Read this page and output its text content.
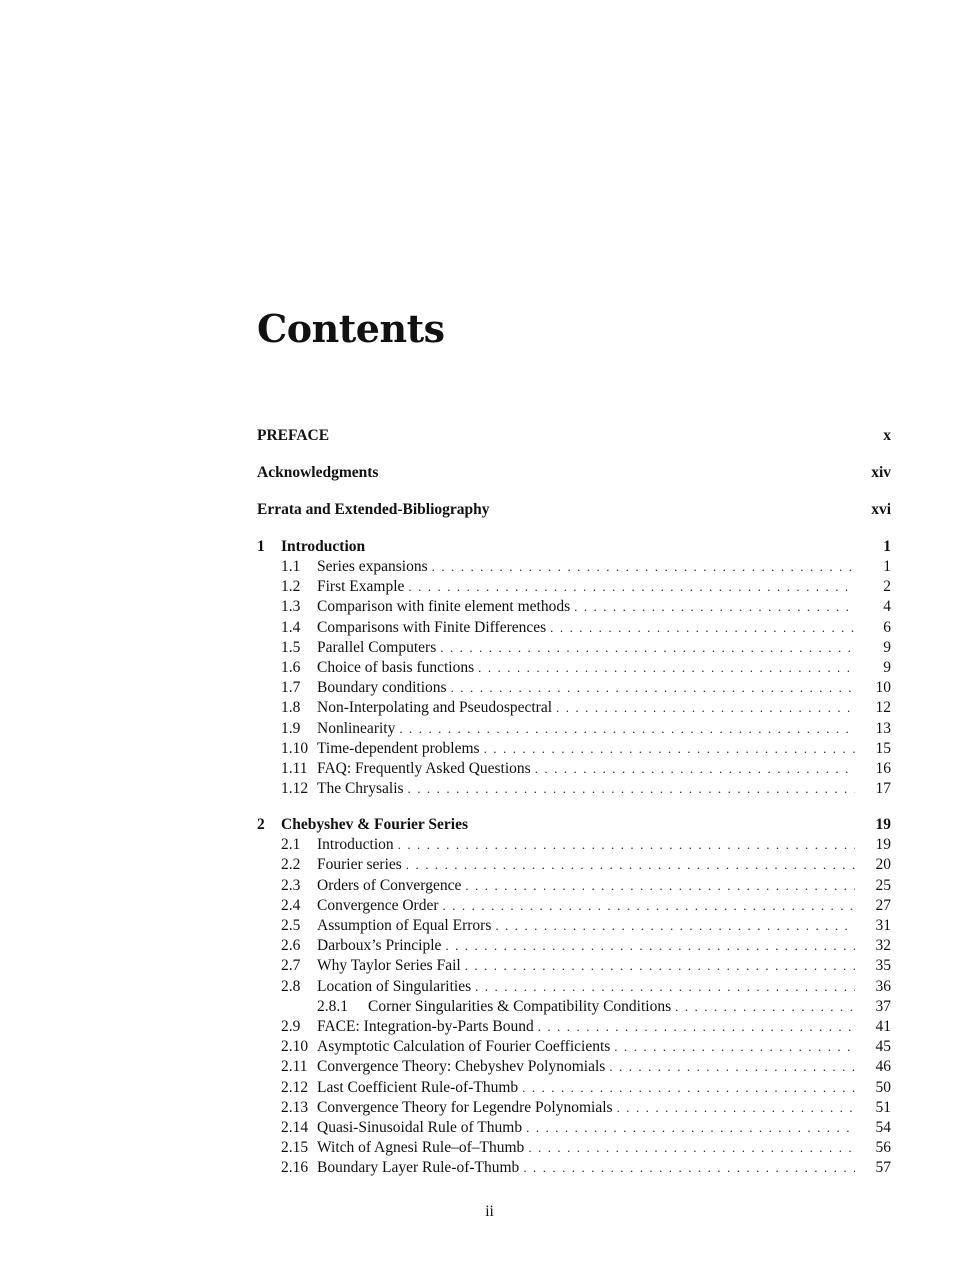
Contents
PREFACE	x
Acknowledgments	xiv
Errata and Extended-Bibliography	xvi
1	Introduction	1
1.1	Series expansions . . .	1
1.2	First Example . . .	2
1.3	Comparison with finite element methods . . .	4
1.4	Comparisons with Finite Differences . . .	6
1.5	Parallel Computers . . .	9
1.6	Choice of basis functions . . .	9
1.7	Boundary conditions . . .	10
1.8	Non-Interpolating and Pseudospectral . . .	12
1.9	Nonlinearity . . .	13
1.10 Time-dependent problems . . .	15
1.11 FAQ: Frequently Asked Questions . . .	16
1.12 The Chrysalis . . .	17
2	Chebyshev & Fourier Series	19
2.1	Introduction . . .	19
2.2	Fourier series . . .	20
2.3	Orders of Convergence . . .	25
2.4	Convergence Order . . .	27
2.5	Assumption of Equal Errors . . .	31
2.6	Darboux’s Principle . . .	32
2.7	Why Taylor Series Fail . . .	35
2.8	Location of Singularities . . .	36
2.8.1	Corner Singularities & Compatibility Conditions . . .	37
2.9	FACE: Integration-by-Parts Bound . . .	41
2.10 Asymptotic Calculation of Fourier Coefficients . . .	45
2.11 Convergence Theory: Chebyshev Polynomials . . .	46
2.12 Last Coefficient Rule-of-Thumb . . .	50
2.13 Convergence Theory for Legendre Polynomials . . .	51
2.14 Quasi-Sinusoidal Rule of Thumb . . .	54
2.15 Witch of Agnesi Rule–of–Thumb . . .	56
2.16 Boundary Layer Rule-of-Thumb . . .	57
ii
